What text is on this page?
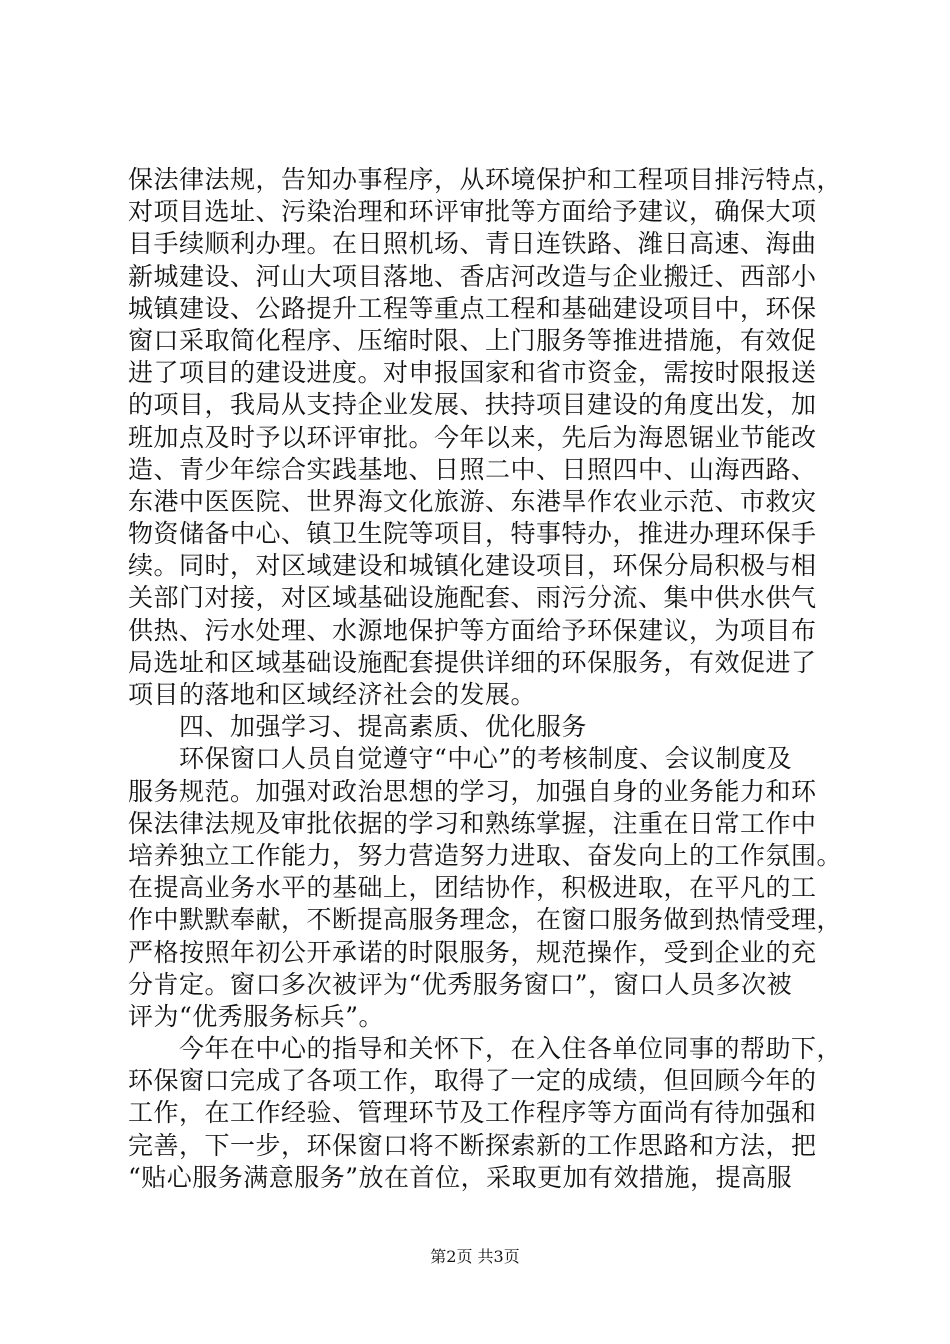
保法律法规，告知办事程序，从环境保护和工程项目排污特点，
对项目选址、污染治理和环评审批等方面给予建议，确保大项
目手续顺利办理。在日照机场、青日连铁路、潍日高速、海曲
新城建设、河山大项目落地、香店河改造与企业搬迁、西部小
城镇建设、公路提升工程等重点工程和基础建设项目中，环保
窗口采取简化程序、压缩时限、上门服务等推进措施，有效促
进了项目的建设进度。对申报国家和省市资金，需按时限报送
的项目，我局从支持企业发展、扶持项目建设的角度出发，加
班加点及时予以环评审批。今年以来，先后为海恩锯业节能改
造、青少年综合实践基地、日照二中、日照四中、山海西路、
东港中医医院、世界海文化旅游、东港旱作农业示范、市救灾
物资储备中心、镇卫生院等项目，特事特办，推进办理环保手
续。同时，对区域建设和城镇化建设项目，环保分局积极与相
关部门对接，对区域基础设施配套、雨污分流、集中供水供气
供热、污水处理、水源地保护等方面给予环保建议，为项目布
局选址和区域基础设施配套提供详细的环保服务，有效促进了
项目的落地和区域经济社会的发展。
　　四、加强学习、提高素质、优化服务
　　环保窗口人员自觉遵守“中心”的考核制度、会议制度及
服务规范。加强对政治思想的学习，加强自身的业务能力和环
保法律法规及审批依据的学习和熟练掌握，注重在日常工作中
培养独立工作能力，努力营造努力进取、奋发向上的工作氛围。
在提高业务水平的基础上，团结协作，积极进取，在平凡的工
作中默默奉献，不断提高服务理念，在窗口服务做到热情受理，
严格按照年初公开承诺的时限服务，规范操作，受到企业的充
分肯定。窗口多次被评为“优秀服务窗口”，窗口人员多次被
评为“优秀服务标兵”。
　　今年在中心的指导和关怀下，在入住各单位同事的帮助下，
环保窗口完成了各项工作，取得了一定的成绩，但回顾今年的
工作，在工作经验、管理环节及工作程序等方面尚有待加强和
完善，下一步，环保窗口将不断探索新的工作思路和方法，把
“贴心服务满意服务”放在首位，采取更加有效措施，提高服
第2页 共3页
